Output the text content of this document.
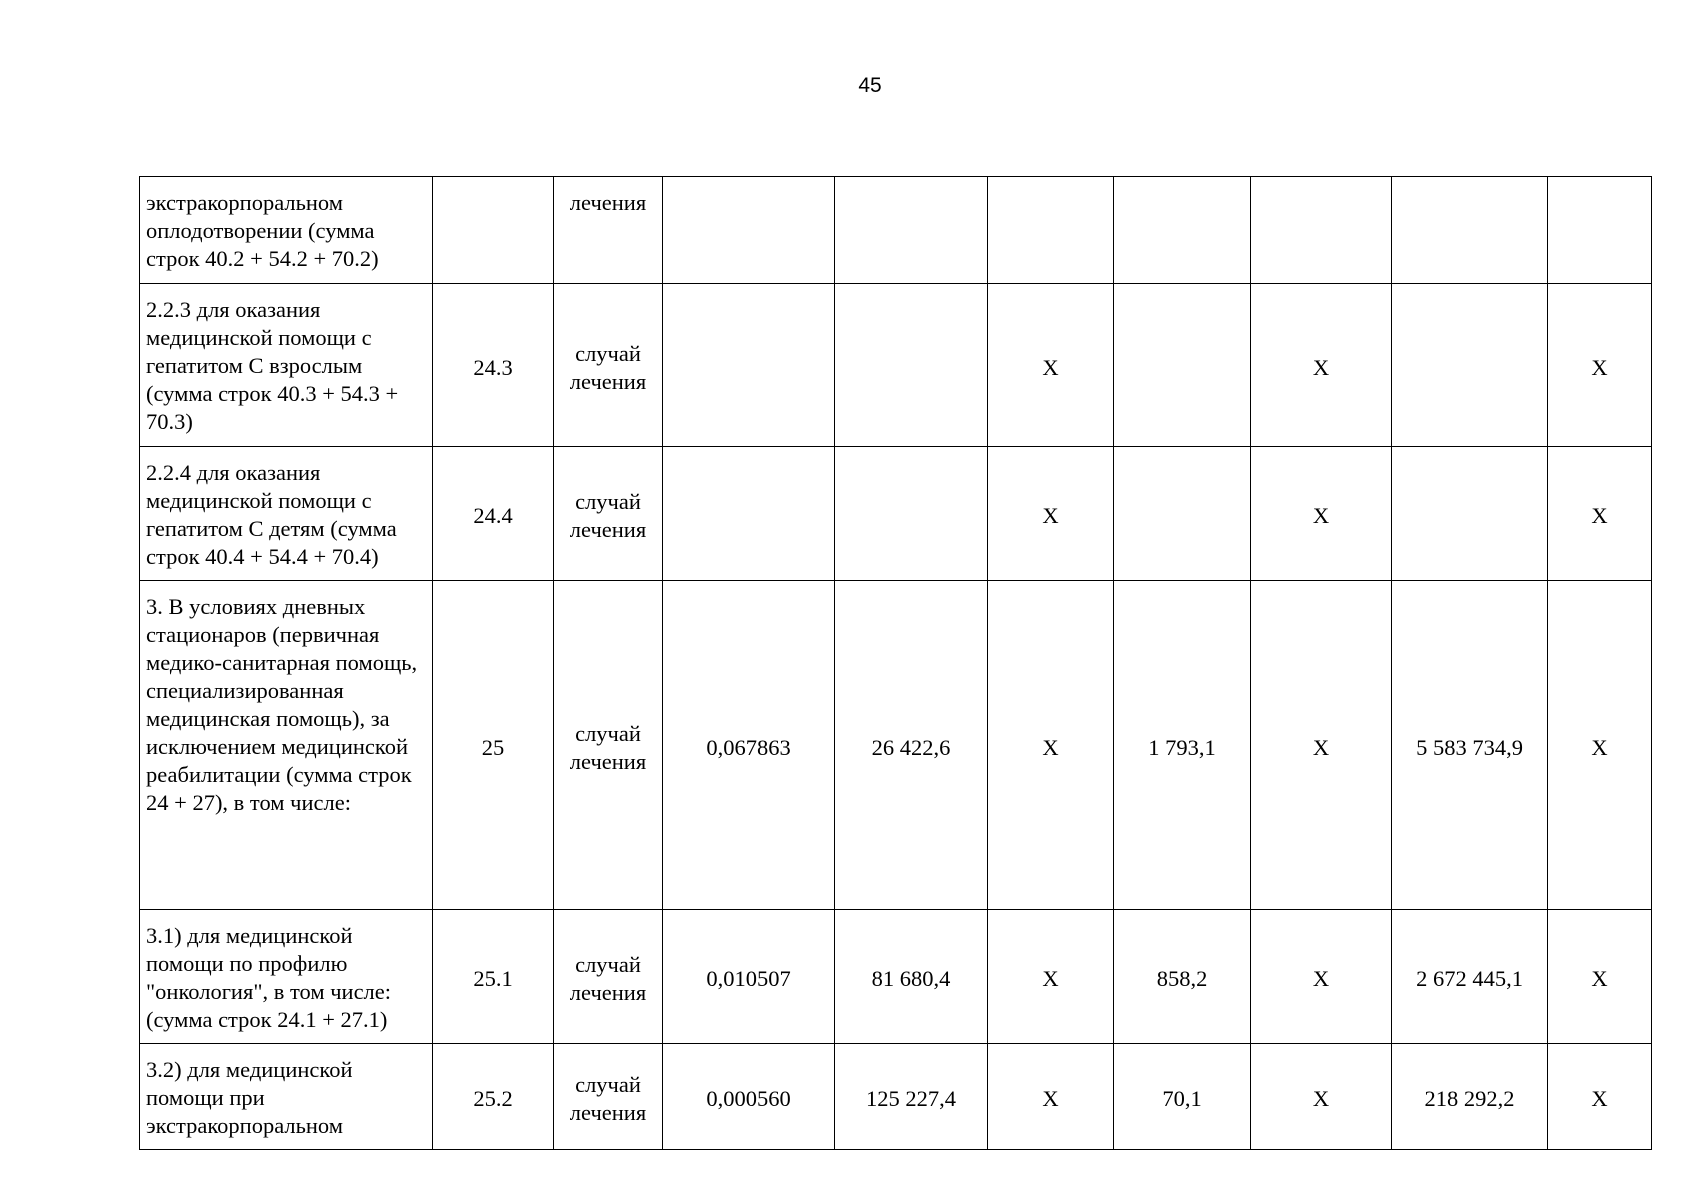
45
экстракорпоральном оплодотворении (сумма строк 40.2 + 54.2 + 70.2)		лечения							
2.2.3 для оказания медицинской помощи с гепатитом С взрослым (сумма строк 40.3 + 54.3 + 70.3)	24.3	случай лечения			X		X		X
2.2.4 для оказания медицинской помощи с гепатитом С детям (сумма строк 40.4 + 54.4 + 70.4)	24.4	случай лечения			X		X		X
3. В условиях дневных стационаров (первичная медико-санитарная помощь, специализированная медицинская помощь), за исключением медицинской реабилитации (сумма строк 24 + 27), в том числе:	25	случай лечения	0,067863	26 422,6	X	1 793,1	X	5 583 734,9	X
3.1) для медицинской помощи по профилю "онкология", в том числе: (сумма строк 24.1 + 27.1)	25.1	случай лечения	0,010507	81 680,4	X	858,2	X	2 672 445,1	X
3.2) для медицинской помощи при экстракорпоральном	25.2	случай лечения	0,000560	125 227,4	X	70,1	X	218 292,2	X
